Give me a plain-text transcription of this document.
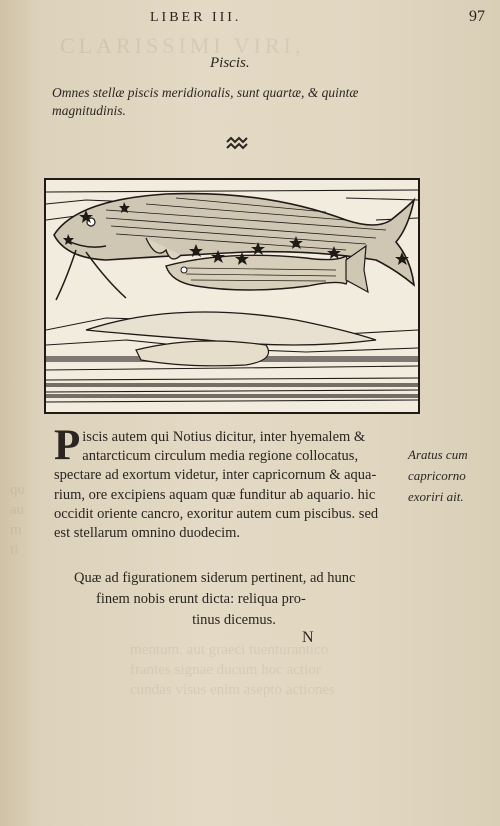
CLARISSIMI VIRI,
qu
au
m
ti
mentum. aut graeci tuenturantico
frantes signae ducum hoc actior
cundas visus enim asepto actiones
LIBER III.	97
Piscis.
Omnes stellæ piscis meridionalis, sunt quartæ, & quintæ magnitudinis.
P iscis autem qui Notius dicitur, inter hyemalem &
antarcticum circulum media regione collocatus,
spectare ad exortum videtur, inter capricornum & aqua-
rium, ore excipiens aquam quæ funditur ab aquario. hic
occidit oriente cancro, exoritur autem cum piscibus. sed
est stellarum omnino duodecim.
Aratus cum
capricorno
exoriri ait.
Quæ ad figurationem siderum pertinent, ad hunc
finem nobis erunt dicta: reliqua pro-

tinus dicemus.
N
